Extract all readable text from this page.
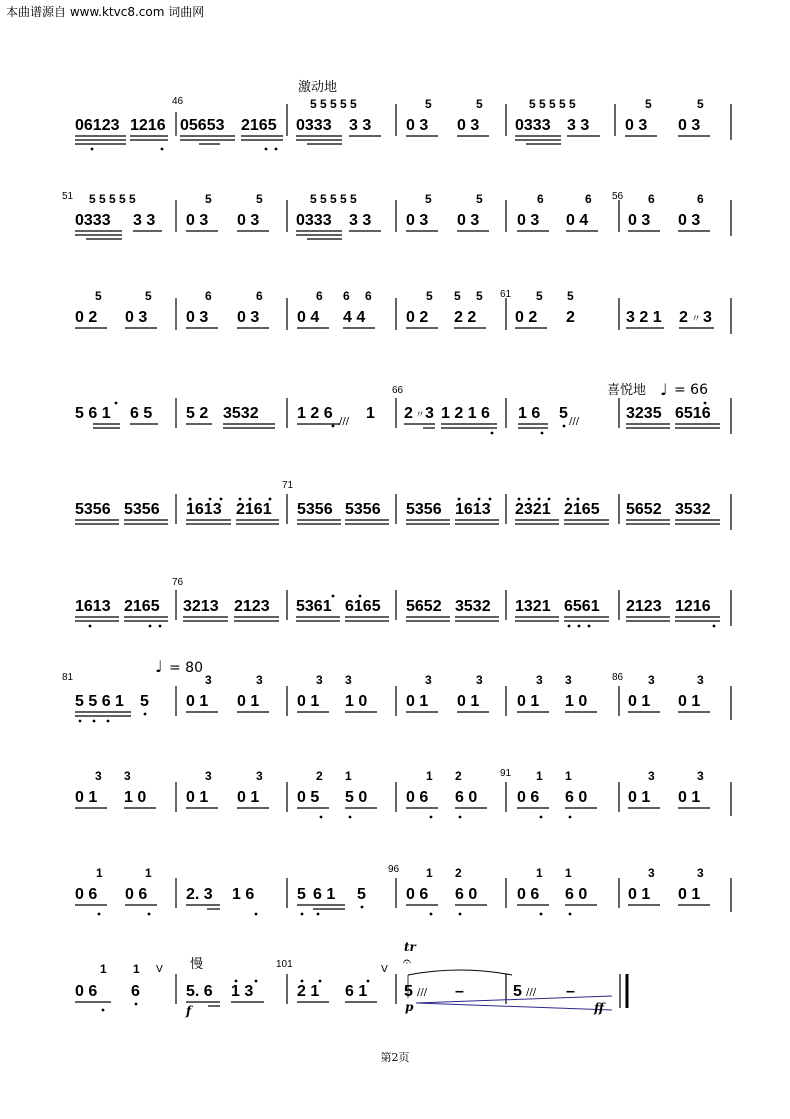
本曲谱源自 www.ktvc8.com 词曲网
激动地
46
06123 1216 05653 2165
5 5 5 5 5
0333 3 3
5	5
0 3 0 3
5 5 5 5 5
0333 3 3
5	5
0 3 0 3
51	56
5 5 5 5 5
0333 3 3
5	5
0 3 0 3
5 5 5 5 5
0333 3 3
5	5
0 3 0 3
6	6
0 3 0 4
6	6
0 3 0 3
61
5	5
0 2 0 3
6	6
0 3 0 3
6 6 6
0 4 4 4
5 5 5
0 2 2 2
5 5
0 2 2	3 2 1 2 〃 3
66	喜悦地 ♩ = 66
5 6 1 6 5 5 2 3532 1 2 6 /// 1 2 〃 3 1 2 1 6 1 6 5 ///	3235 6516
71
5356 5356 1613 2161 5356 5356 5356 1613 2321 2165 5652 3532
76
1613 2165 3213 2123 5361 6165 5652 3532 1321 6561 2123 1216
81	86
♩ = 80
5 5 6 1 5
3	3
0 1 0 1
3 3
0 1 1 0
3	3
0 1 0 1
3 3
0 1 1 0
3	3
0 1 0 1
91
3 3
0 1 1 0
3	3
0 1 0 1
2 1
0 5 5 0
1 2
0 6 6 0
1 1
0 6 6 0
3	3
0 1 0 1
96
1	1
0 6 0 6 2. 3 1 6	5 6 1 5
1 2
0 6 6 0
1 1
0 6 6 0
3	3
0 1 0 1
101
慢
tr
𝄐
1 1
0 6 6
V
5. 6 1 3
f
2 1 6 1
V
5 /// –
p
5 /// –
ff
第2页
